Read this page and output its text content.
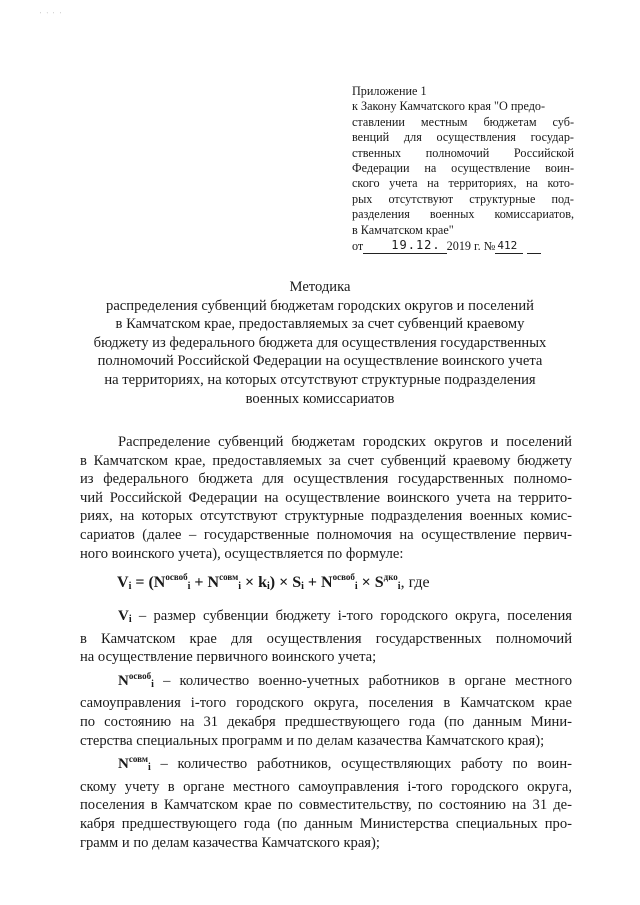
' ' ' '
Приложение 1
к Закону Камчатского края "О предо-
ставлении местным бюджетам суб-
венций для осуществления государ-
ственных полномочий Российской
Федерации на осуществление воин-
ского учета на территориях, на кото-
рых отсутствуют структурные под-
разделения военных комиссариатов,
в Камчатском крае"
от	19.12. 2019 г. № 412
Методика
распределения субвенций бюджетам городских округов и поселений
в Камчатском крае, предоставляемых за счет субвенций краевому
бюджету из федерального бюджета для осуществления государственных
полномочий Российской Федерации на осуществление воинского учета
на территориях, на которых отсутствуют структурные подразделения
военных комиссариатов
Распределение субвенций бюджетам городских округов и поселений
в Камчатском крае, предоставляемых за счет субвенций краевому бюджету
из федерального бюджета для осуществления государственных полномо-
чий Российской Федерации на осуществление воинского учета на террито-
риях, на которых отсутствуют структурные подразделения военных комис-
сариатов (далее – государственные полномочия на осуществление первич-
ного воинского учета), осуществляется по формуле:
$V_i = (N^{освоб}_i + N^{совм}_i \times k_i) \times S_i + N^{освоб}_i \times S^{дко}_i$, где
$V_i$ – размер субвенции бюджету i-того городского округа, поселения
в Камчатском крае для осуществления государственных полномочий
на осуществление первичного воинского учета;
$N^{освоб}_i$ – количество военно-учетных работников в органе местного
самоуправления i-того городского округа, поселения в Камчатском крае
по состоянию на 31 декабря предшествующего года (по данным Мини-
стерства специальных программ и по делам казачества Камчатского края);
$N^{совм}_i$ – количество работников, осуществляющих работу по воин-
скому учету в органе местного самоуправления i-того городского округа,
поселения в Камчатском крае по совместительству, по состоянию на 31 де-
кабря предшествующего года (по данным Министерства специальных про-
грамм и по делам казачества Камчатского края);
